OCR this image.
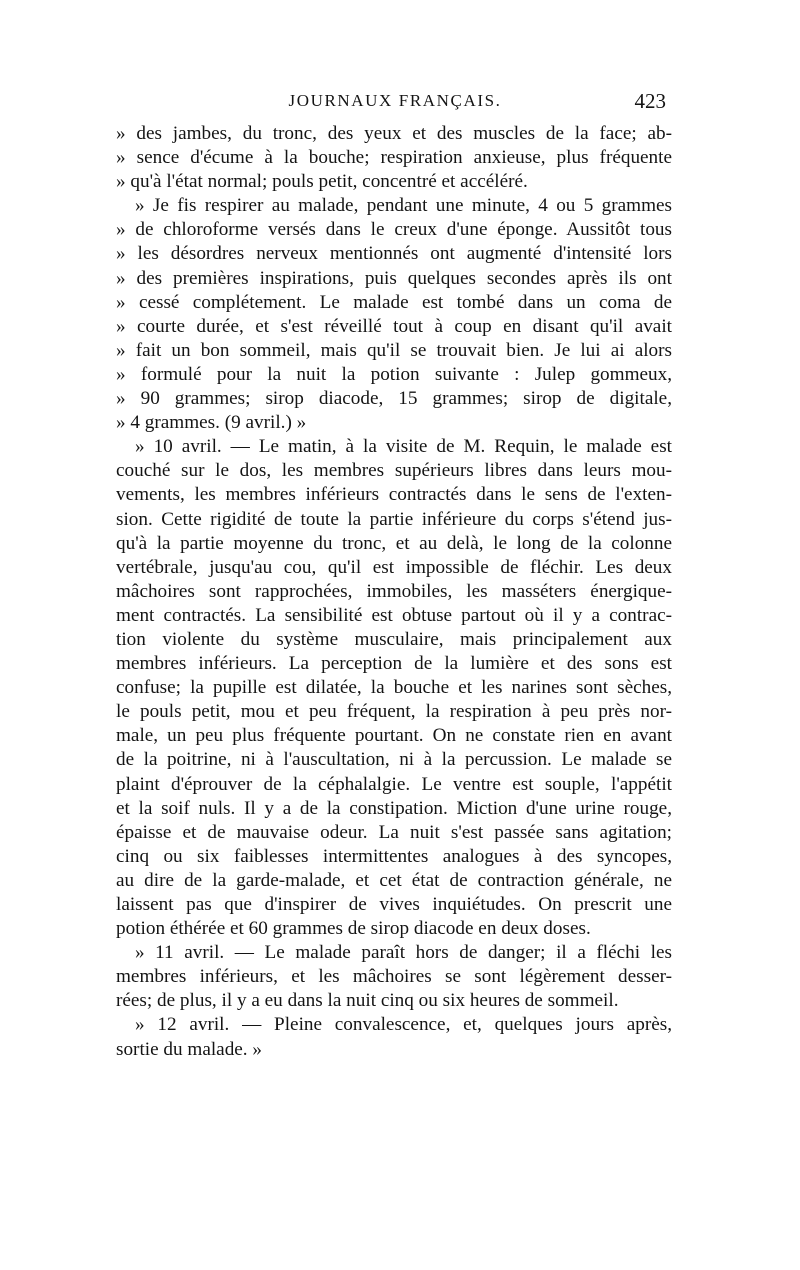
JOURNAUX FRANÇAIS.	423
» des jambes, du tronc, des yeux et des muscles de la face; ab-
» sence d'écume à la bouche; respiration anxieuse, plus fréquente
» qu'à l'état normal; pouls petit, concentré et accéléré.
» Je fis respirer au malade, pendant une minute, 4 ou 5 grammes
» de chloroforme versés dans le creux d'une éponge. Aussitôt tous
» les désordres nerveux mentionnés ont augmenté d'intensité lors
» des premières inspirations, puis quelques secondes après ils ont
» cessé complétement. Le malade est tombé dans un coma de
» courte durée, et s'est réveillé tout à coup en disant qu'il avait
» fait un bon sommeil, mais qu'il se trouvait bien. Je lui ai alors
» formulé pour la nuit la potion suivante : Julep gommeux,
» 90 grammes; sirop diacode, 15 grammes; sirop de digitale,
» 4 grammes. (9 avril.) »
» 10 avril. — Le matin, à la visite de M. Requin, le malade est
couché sur le dos, les membres supérieurs libres dans leurs mou-
vements, les membres inférieurs contractés dans le sens de l'exten-
sion. Cette rigidité de toute la partie inférieure du corps s'étend jus-
qu'à la partie moyenne du tronc, et au delà, le long de la colonne
vertébrale, jusqu'au cou, qu'il est impossible de fléchir. Les deux
mâchoires sont rapprochées, immobiles, les masséters énergique-
ment contractés. La sensibilité est obtuse partout où il y a contrac-
tion violente du système musculaire, mais principalement aux
membres inférieurs. La perception de la lumière et des sons est
confuse; la pupille est dilatée, la bouche et les narines sont sèches,
le pouls petit, mou et peu fréquent, la respiration à peu près nor-
male, un peu plus fréquente pourtant. On ne constate rien en avant
de la poitrine, ni à l'auscultation, ni à la percussion. Le malade se
plaint d'éprouver de la céphalalgie. Le ventre est souple, l'appétit
et la soif nuls. Il y a de la constipation. Miction d'une urine rouge,
épaisse et de mauvaise odeur. La nuit s'est passée sans agitation;
cinq ou six faiblesses intermittentes analogues à des syncopes,
au dire de la garde-malade, et cet état de contraction générale, ne
laissent pas que d'inspirer de vives inquiétudes. On prescrit une
potion éthérée et 60 grammes de sirop diacode en deux doses.
» 11 avril. — Le malade paraît hors de danger; il a fléchi les
membres inférieurs, et les mâchoires se sont légèrement desser-
rées; de plus, il y a eu dans la nuit cinq ou six heures de sommeil.
» 12 avril. — Pleine convalescence, et, quelques jours après,
sortie du malade. »
